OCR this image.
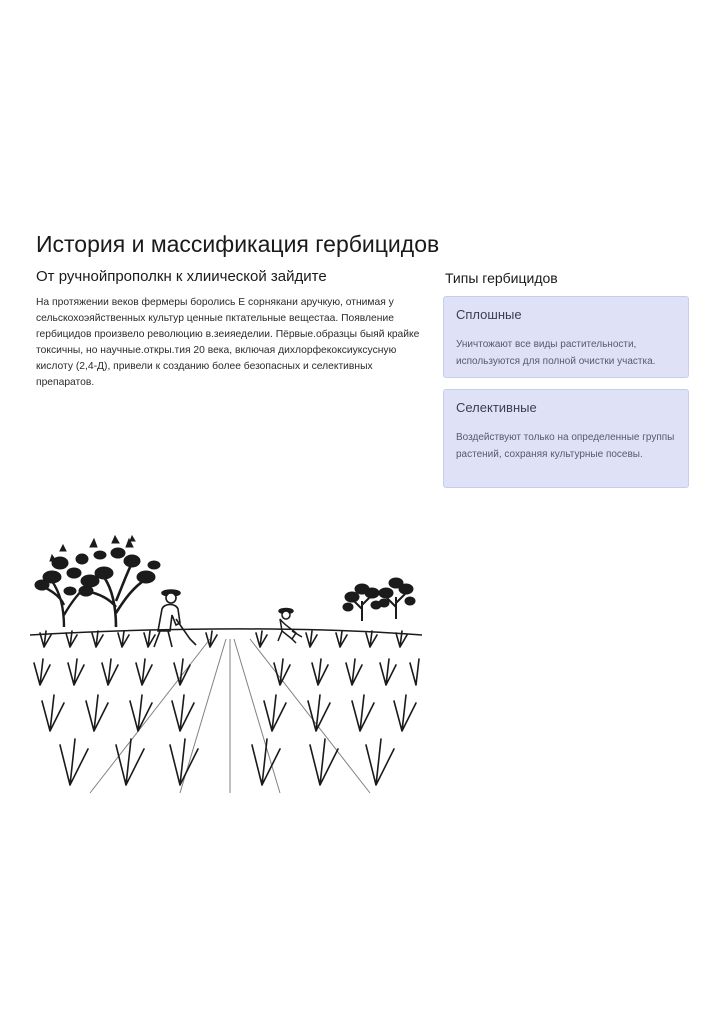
История и массификация гербицидов
От ручнойпрополкн к хлиической зайдите

На протяжении веков фермеры боролись Е сорнякани аручкую, отнимая у сельскохоэяйственных культур ценные пктательные вещестаа. Появление гербицидов произвело революцию в.зеияеделии. Пёрвые.образцы быяй крайке токсичны, но научные.откры.тия 20 века, включая дихлорфекоксиуксусную кислоту (2,4-Д), привели к созданию более безопасных и селективных препаратов.

Типы гербицидов
Сплошные

Уничтожают все виды растительности, используются для полной очистки участка.

Селективные

Воздействуют только на определенные группы растений, сохраняя культурные посевы.
